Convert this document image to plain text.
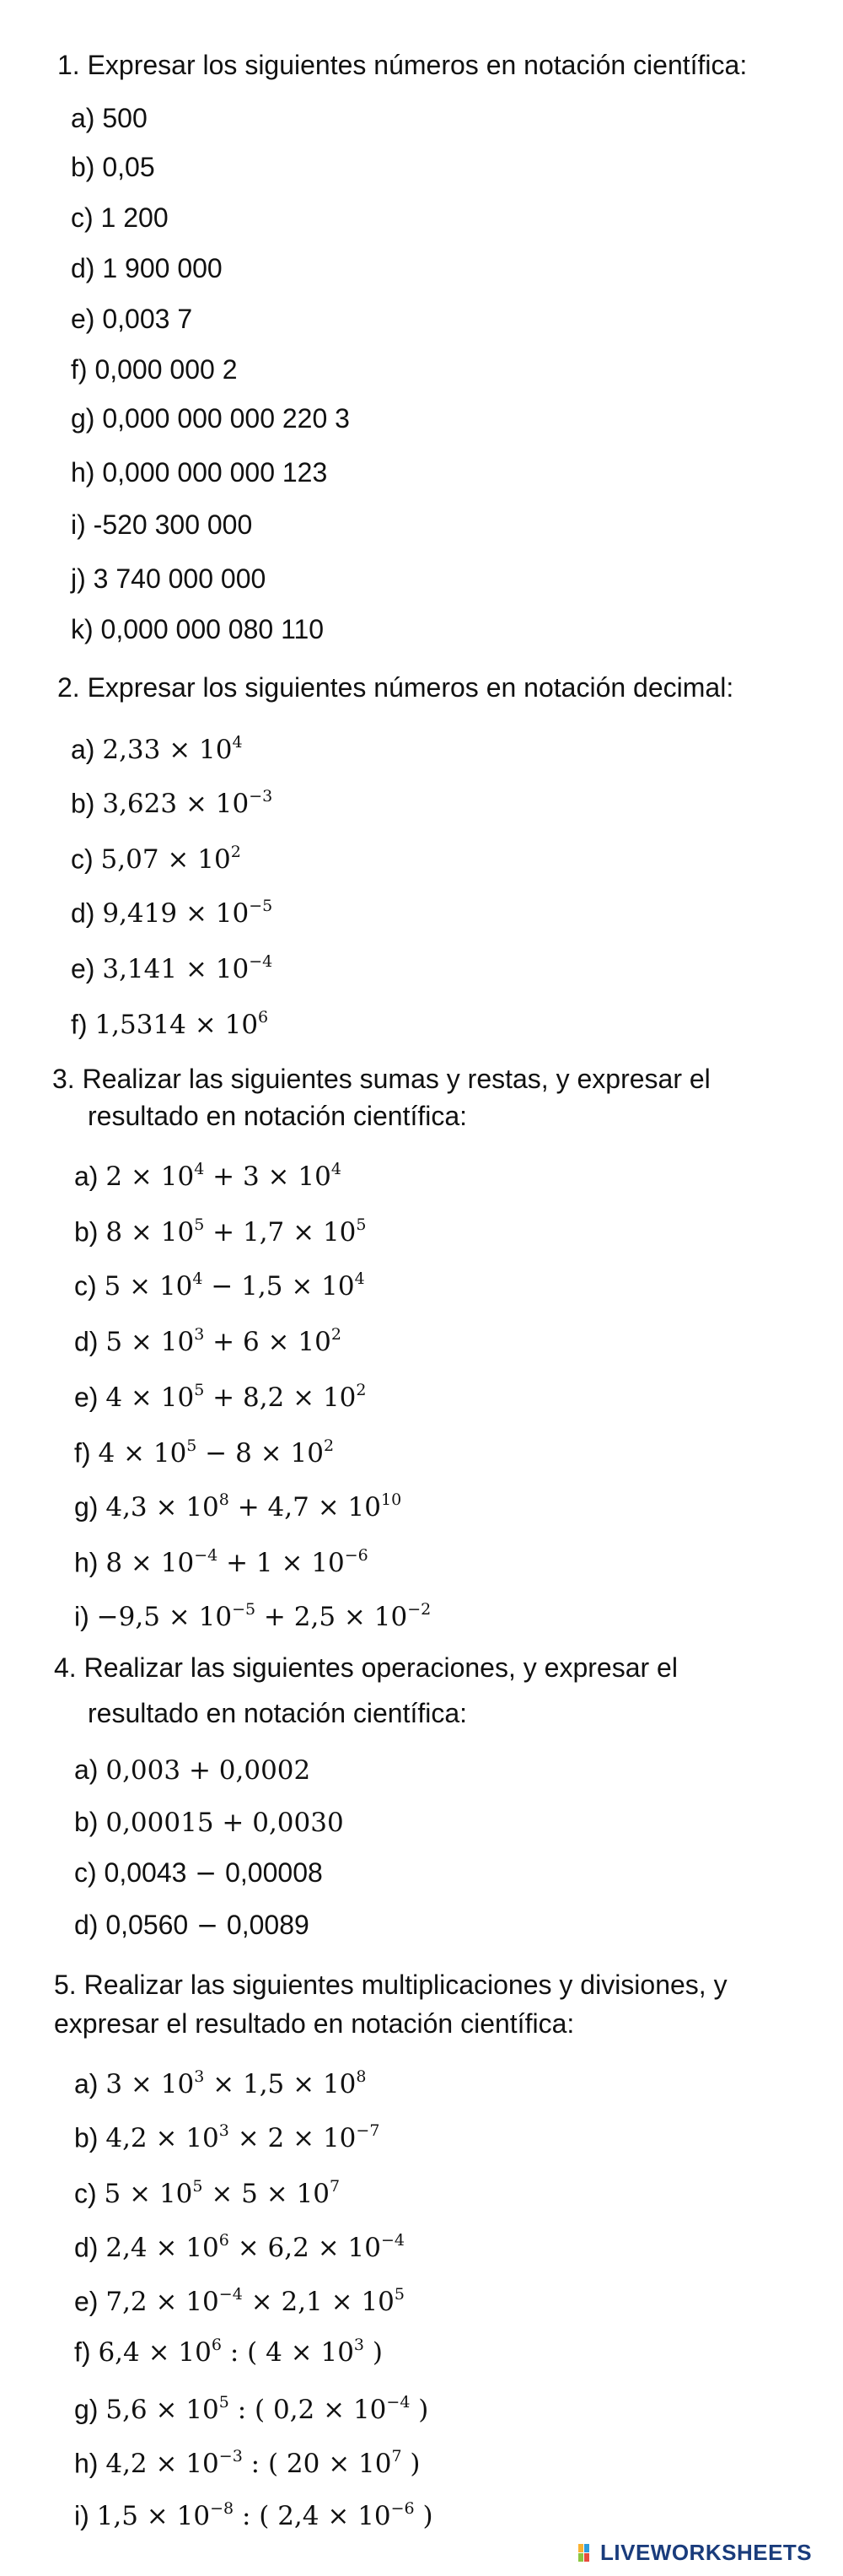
1. Expresar los siguientes números en notación científica:
a) 500
b) 0,05
c) 1 200
d) 1 900 000
e) 0,003 7
f) 0,000 000 2
g) 0,000 000 000 220 3
h) 0,000 000 000 123
i) -520 300 000
j) 3 740 000 000
k) 0,000 000 080 110
2. Expresar los siguientes números en notación decimal:
a) $2,33 \times 10^4$
b) $3,623 \times 10^{-3}$
c) $5,07 \times 10^2$
d) $9,419 \times 10^{-5}$
e) $3,141 \times 10^{-4}$
f) $1,5314 \times 10^6$
3. Realizar las siguientes sumas y restas, y expresar el
resultado en notación científica:
a) $2 \times 10^4 + 3 \times 10^4$
b) $8 \times 10^5 + 1,7 \times 10^5$
c) $5 \times 10^4 - 1,5 \times 10^4$
d) $5 \times 10^3 + 6 \times 10^2$
e) $4 \times 10^5 + 8,2 \times 10^2$
f) $4 \times 10^5 - 8 \times 10^2$
g) $4,3 \times 10^8 + 4,7 \times 10^{10}$
h) $8 \times 10^{-4} + 1 \times 10^{-6}$
$i) -9,5 \times 10^{-5} + 2,5 \times 10^{-2}$
4. Realizar las siguientes operaciones, y expresar el
resultado en notación científica:
a) 0,003 + 0,0002
b) 0,00015 + 0,0030
c) 0,0043 − 0,00008
d) 0,0560 − 0,0089
5. Realizar las siguientes multiplicaciones y divisiones, y
expresar el resultado en notación científica:
a) $3 \times 10^3 \times 1,5 \times 10^8$
b) $4,2 \times 10^3 \times 2 \times 10^{-7}$
c) $5 \times 10^5 \times 5 \times 10^7$
d) $2,4 \times 10^6 \times 6,2 \times 10^{-4}$
e) $7,2 \times 10^{-4} \times 2,1 \times 10^5$
f) $6,4 \times 10^6$ : ( $4 \times 10^3$ )
g) $5,6 \times 10^5$ : ( $0,2 \times 10^{-4}$ )
h) $4,2 \times 10^{-3}$ : ( $20 \times 10^7$ )
i) $1,5 \times 10^{-8}$ : ( $2,4 \times 10^{-6}$ )
LIVEWORKSHEETS
